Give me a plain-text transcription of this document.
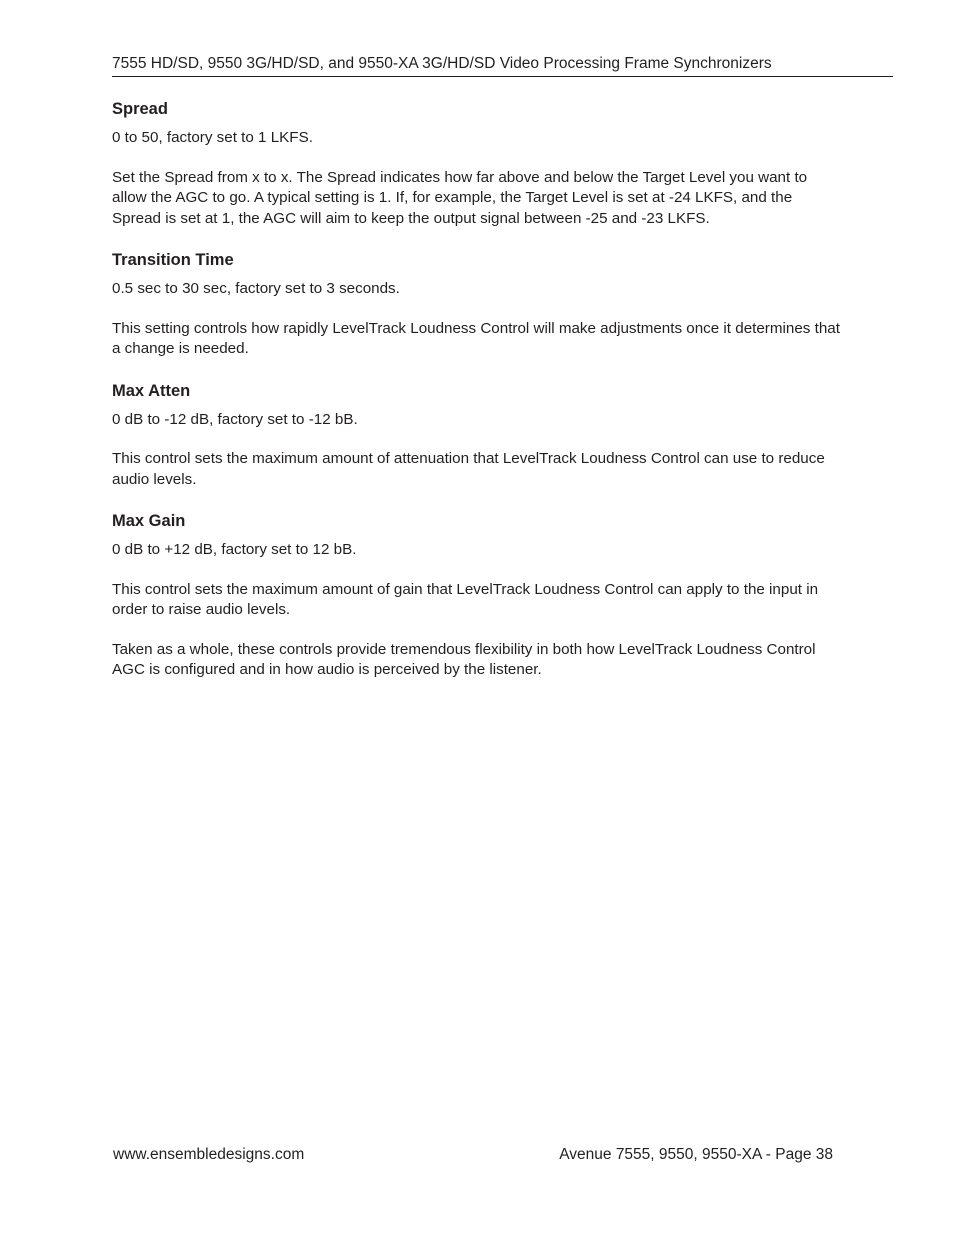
7555 HD/SD, 9550 3G/HD/SD, and 9550-XA 3G/HD/SD Video Processing Frame Synchronizers
Spread

0 to 50, factory set to 1 LKFS.

Set the Spread from x to x. The Spread indicates how far above and below the Target Level you want to allow the AGC to go. A typical setting is 1. If, for example, the Target Level is set at -24 LKFS, and the Spread is set at 1, the AGC will aim to keep the output signal between -25 and -23 LKFS.

Transition Time

0.5 sec to 30 sec, factory set to 3 seconds.

This setting controls how rapidly LevelTrack Loudness Control will make adjustments once it determines that a change is needed.

Max Atten

0 dB to -12 dB, factory set to -12 bB.

This control sets the maximum amount of attenuation that LevelTrack Loudness Control can use to reduce audio levels.

Max Gain

0 dB to +12 dB, factory set to 12 bB.

This control sets the maximum amount of gain that LevelTrack Loudness Control can apply to the input in order to raise audio levels.

Taken as a whole, these controls provide tremendous flexibility in both how LevelTrack Loudness Control AGC is configured and in how audio is perceived by the listener.

www.ensembledesigns.com	Avenue 7555, 9550, 9550-XA - Page 38
